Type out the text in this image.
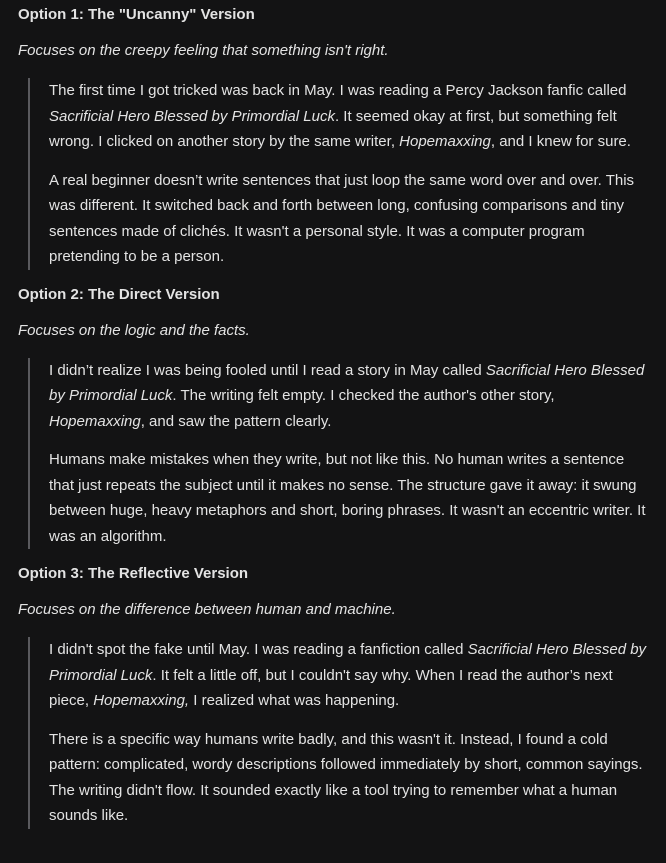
Option 1: The "Uncanny" Version

Focuses on the creepy feeling that something isn't right.

The first time I got tricked was back in May. I was reading a Percy Jackson fanfic called Sacrificial Hero Blessed by Primordial Luck. It seemed okay at first, but something felt wrong. I clicked on another story by the same writer, Hopemaxxing, and I knew for sure.

A real beginner doesn’t write sentences that just loop the same word over and over. This was different. It switched back and forth between long, confusing comparisons and tiny sentences made of clichés. It wasn't a personal style. It was a computer program pretending to be a person.

Option 2: The Direct Version

Focuses on the logic and the facts.

I didn’t realize I was being fooled until I read a story in May called Sacrificial Hero Blessed by Primordial Luck. The writing felt empty. I checked the author's other story, Hopemaxxing, and saw the pattern clearly.

Humans make mistakes when they write, but not like this. No human writes a sentence that just repeats the subject until it makes no sense. The structure gave it away: it swung between huge, heavy metaphors and short, boring phrases. It wasn't an eccentric writer. It was an algorithm.

Option 3: The Reflective Version

Focuses on the difference between human and machine.

I didn't spot the fake until May. I was reading a fanfiction called Sacrificial Hero Blessed by Primordial Luck. It felt a little off, but I couldn't say why. When I read the author’s next piece, Hopemaxxing, I realized what was happening.

There is a specific way humans write badly, and this wasn't it. Instead, I found a cold pattern: complicated, wordy descriptions followed immediately by short, common sayings. The writing didn't flow. It sounded exactly like a tool trying to remember what a human sounds like.
